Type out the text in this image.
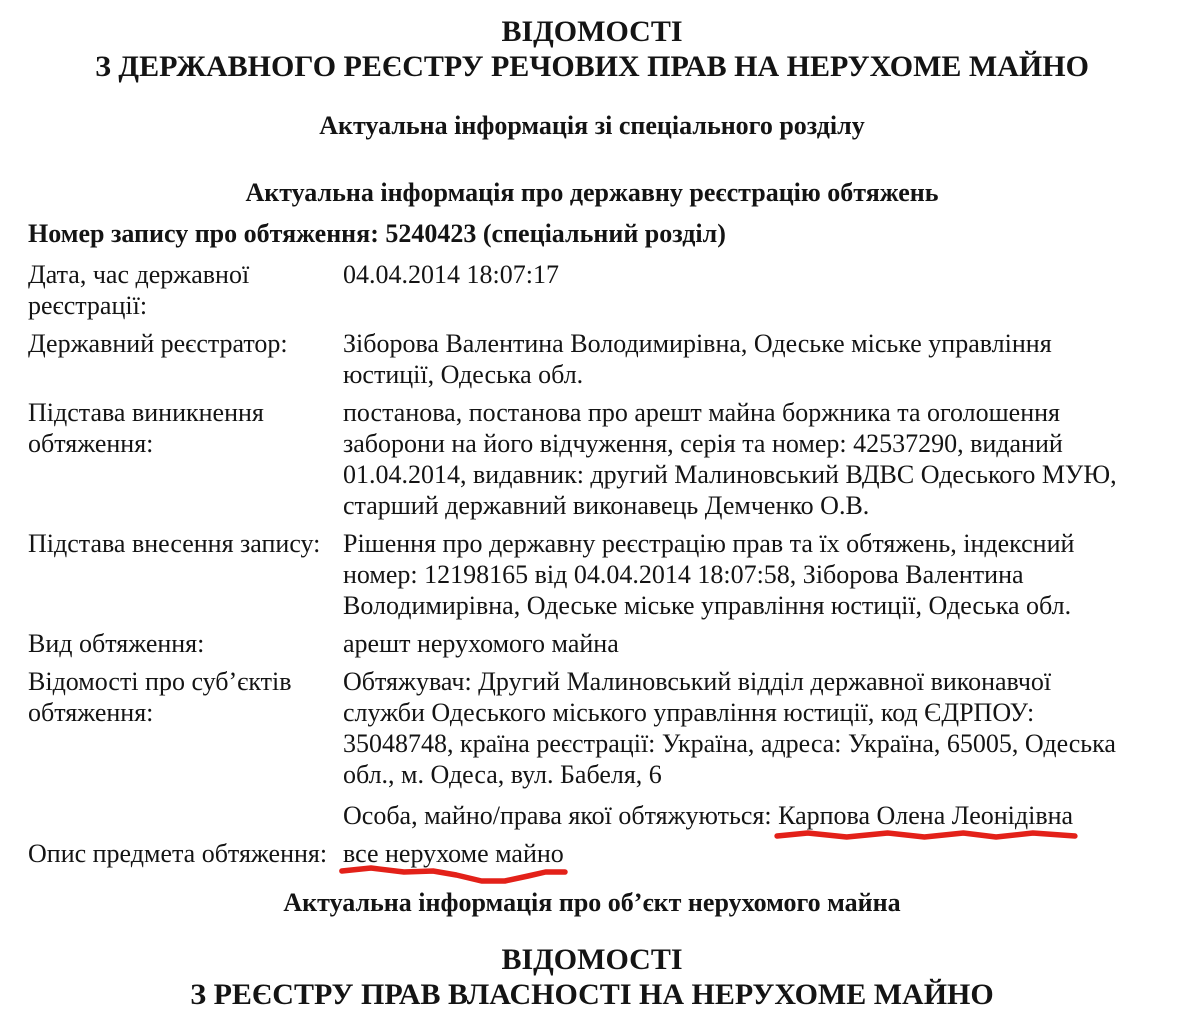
ВІДОМОСТІ
З ДЕРЖАВНОГО РЕЄСТРУ РЕЧОВИХ ПРАВ НА НЕРУХОМЕ МАЙНО
Актуальна інформація зі спеціального розділу
Актуальна інформація про державну реєстрацію обтяжень
Номер запису про обтяження: 5240423 (спеціальний розділ)
Дата, час державної реєстрації:
04.04.2014 18:07:17
Державний реєстратор:	Зіборова Валентина Володимирівна, Одеське міське управління юстиції, Одеська обл.
Підстава виникнення обтяження:
постанова, постанова про арешт майна боржника та оголошення заборони на його відчуження, серія та номер: 42537290, виданий 01.04.2014, видавник: другий Малиновський ВДВС Одеського МУЮ, старший державний виконавець Демченко О.В.
Підстава внесення запису: Рішення про державну реєстрацію прав та їх обтяжень, індексний номер: 12198165 від 04.04.2014 18:07:58, Зіборова Валентина Володимирівна, Одеське міське управління юстиції, Одеська обл.
Вид обтяження:	арешт нерухомого майна
Відомості про суб’єктів обтяження:
Обтяжувач: Другий Малиновський відділ державної виконавчої служби Одеського міського управління юстиції, код ЄДРПОУ: 35048748, країна реєстрації: Україна, адреса: Україна, 65005, Одеська обл., м. Одеса, вул. Бабеля, 6
Особа, майно/права якої обтяжуються: Карпова Олена Леонідівна
Опис предмета обтяження: все нерухоме майно
Актуальна інформація про об’єкт нерухомого майна
ВІДОМОСТІ
З РЕЄСТРУ ПРАВ ВЛАСНОСТІ НА НЕРУХОМЕ МАЙНО
